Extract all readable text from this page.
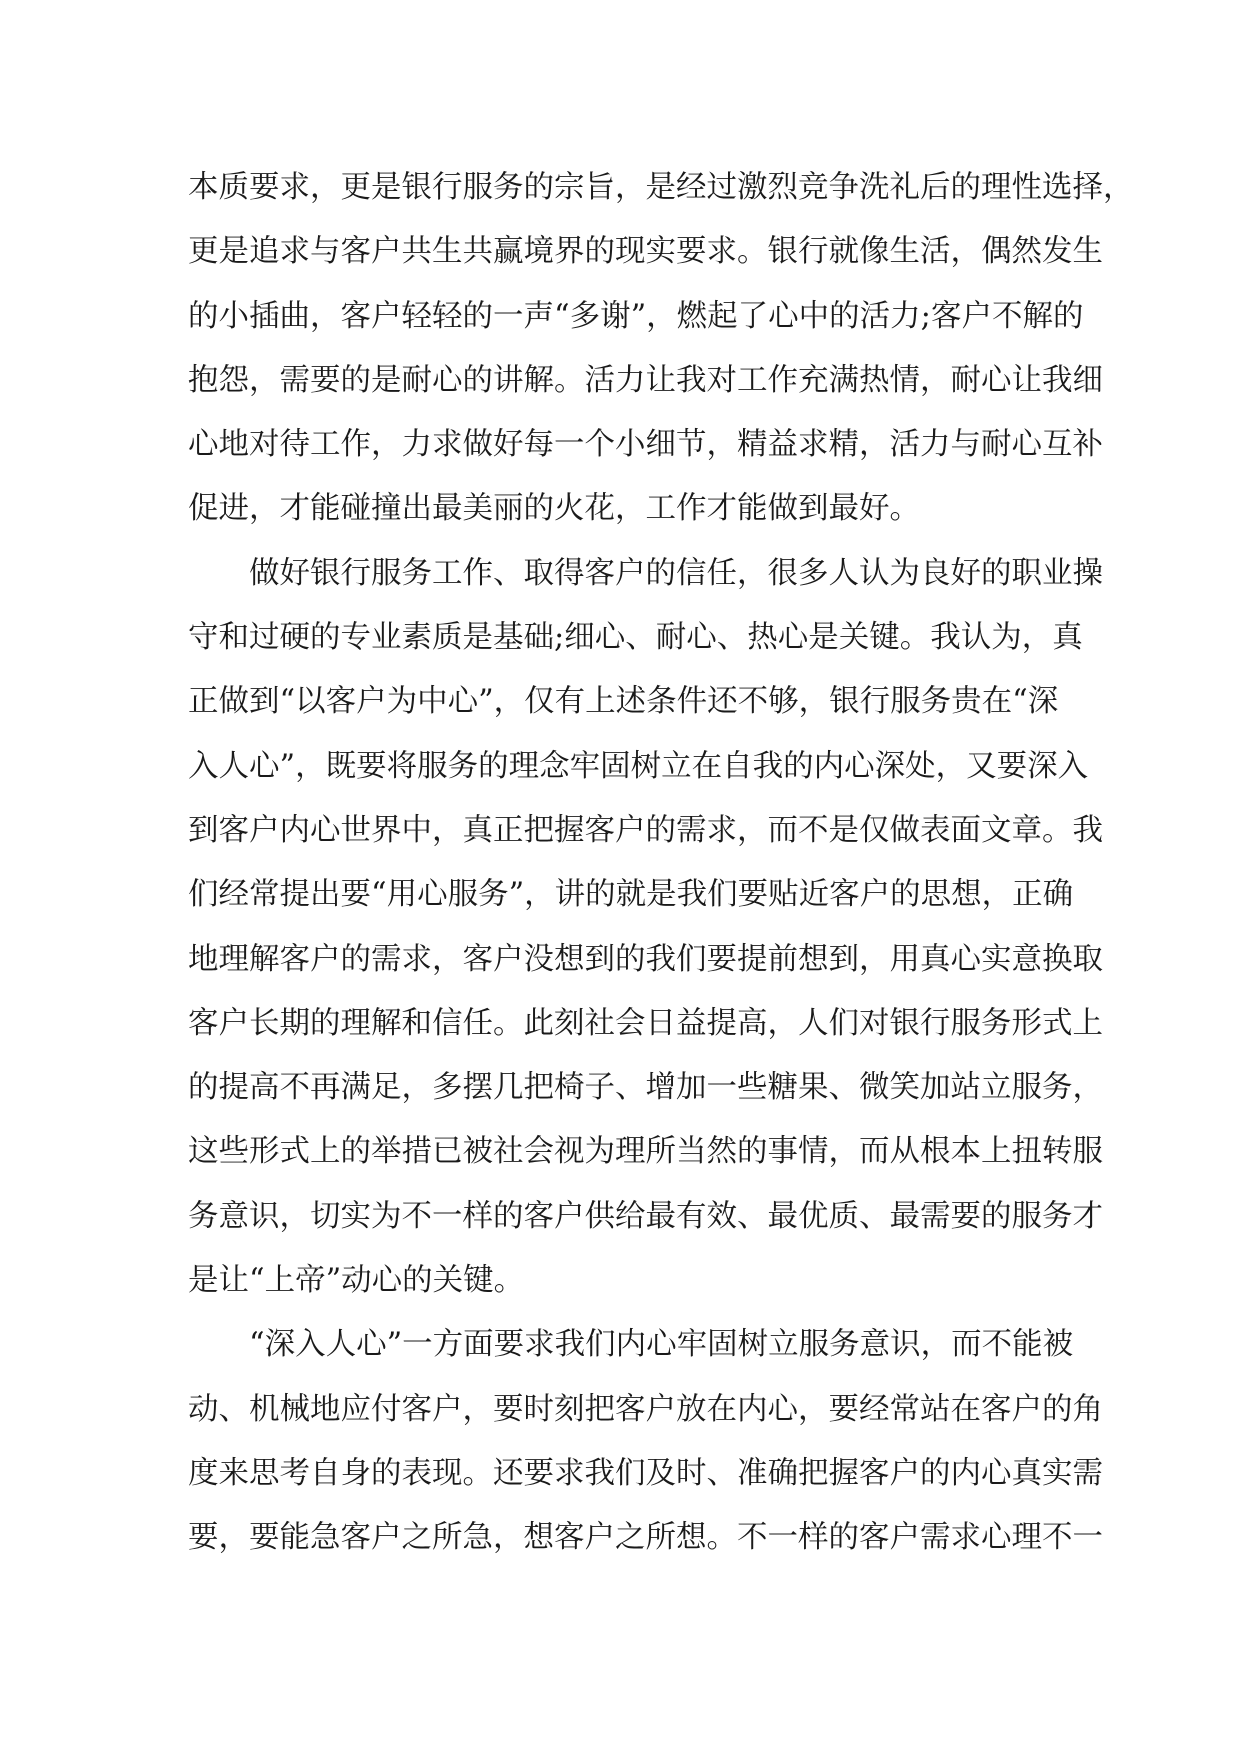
本质要求，更是银行服务的宗旨，是经过激烈竞争洗礼后的理性选择，
更是追求与客户共生共赢境界的现实要求。银行就像生活，偶然发生
的小插曲，客户轻轻的一声“多谢”，燃起了心中的活力;客户不解的
抱怨，需要的是耐心的讲解。活力让我对工作充满热情，耐心让我细
心地对待工作，力求做好每一个小细节，精益求精，活力与耐心互补
促进，才能碰撞出最美丽的火花，工作才能做到最好。
做好银行服务工作、取得客户的信任，很多人认为良好的职业操
守和过硬的专业素质是基础;细心、耐心、热心是关键。我认为，真
正做到“以客户为中心”，仅有上述条件还不够，银行服务贵在“深
入人心”，既要将服务的理念牢固树立在自我的内心深处，又要深入
到客户内心世界中，真正把握客户的需求，而不是仅做表面文章。我
们经常提出要“用心服务”，讲的就是我们要贴近客户的思想，正确
地理解客户的需求，客户没想到的我们要提前想到，用真心实意换取
客户长期的理解和信任。此刻社会日益提高，人们对银行服务形式上
的提高不再满足，多摆几把椅子、增加一些糖果、微笑加站立服务，
这些形式上的举措已被社会视为理所当然的事情，而从根本上扭转服
务意识，切实为不一样的客户供给最有效、最优质、最需要的服务才
是让“上帝”动心的关键。
“深入人心”一方面要求我们内心牢固树立服务意识，而不能被
动、机械地应付客户，要时刻把客户放在内心，要经常站在客户的角
度来思考自身的表现。还要求我们及时、准确把握客户的内心真实需
要，要能急客户之所急，想客户之所想。不一样的客户需求心理不一
